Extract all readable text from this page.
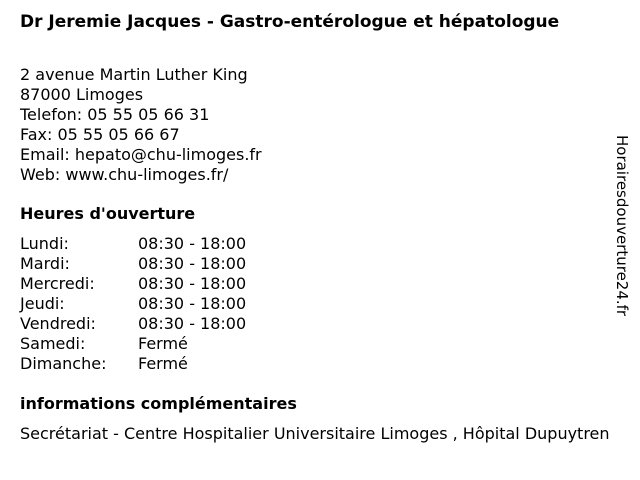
Dr Jeremie Jacques - Gastro-entérologue et hépatologue
2 avenue Martin Luther King
87000 Limoges
Telefon: 05 55 05 66 31
Fax: 05 55 05 66 67
Email: hepato@chu-limoges.fr
Web: www.chu-limoges.fr/
Heures d'ouverture
Lundi:	08:30 - 18:00
Mardi:	08:30 - 18:00
Mercredi:	08:30 - 18:00
Jeudi:	08:30 - 18:00
Vendredi:	08:30 - 18:00
Samedi:	Fermé
Dimanche:	Fermé
informations complémentaires
Secrétariat - Centre Hospitalier Universitaire Limoges , Hôpital Dupuytren
Horairesdouverture24.fr
